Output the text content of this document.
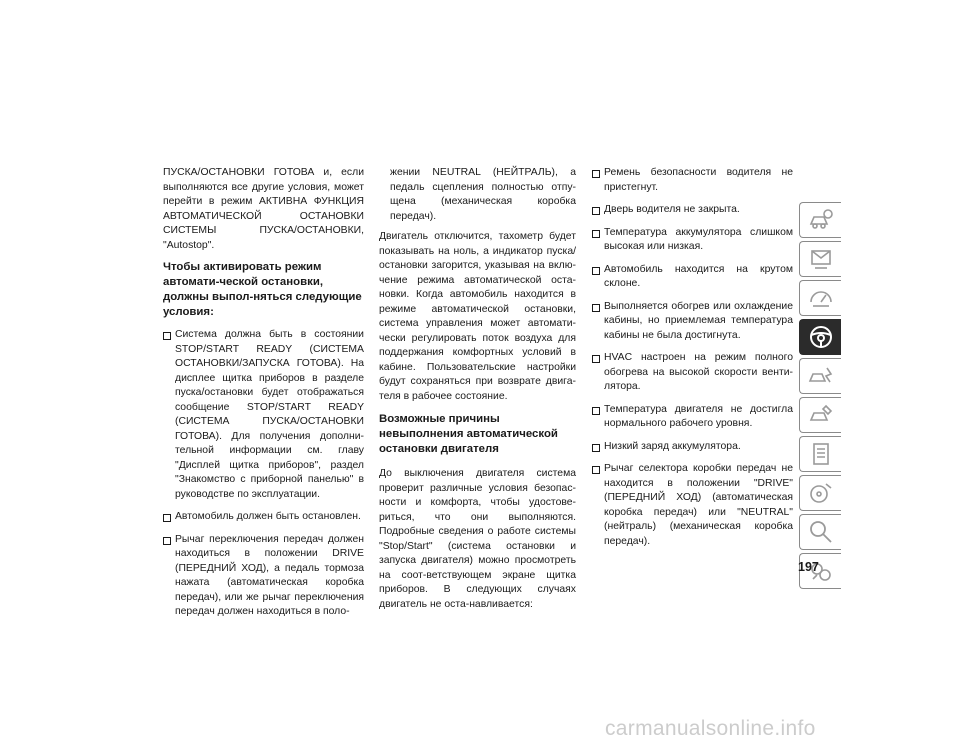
ПУСКА/ОСТАНОВКИ ГОТОВА и, если выполняются все другие условия, может перейти в режим АКТИВНА ФУНКЦИЯ АВТОМАТИЧЕСКОЙ ОСТАНОВКИ СИСТЕМЫ ПУСКА/ОСТАНОВКИ, "Autostop".

Чтобы активировать режим автомати-ческой остановки, должны выпол-няться следующие условия:

Система должна быть в состоянии STOP/START READY (СИСТЕМА ОСТАНОВКИ/ЗАПУСКА ГОТОВА). На дисплее щитка приборов в разделе пуска/остановки будет отображаться сообщение STOP/START READY (СИСТЕМА ПУСКА/ОСТАНОВКИ ГОТОВА). Для получения дополни-тельной информации см. главу "Дисплей щитка приборов", раздел "Знакомство с приборной панелью" в руководстве по эксплуатации.
Автомобиль должен быть остановлен.
Рычаг переключения передач должен находиться в положении DRIVE (ПЕРЕДНИЙ ХОД), а педаль тормоза нажата (автоматическая коробка передач), или же рычаг переключения передач должен находиться в поло-
жении NEUTRAL (НЕЙТРАЛЬ), а педаль сцепления полностью отпу-щена (механическая коробка передач).

Двигатель отключится, тахометр будет показывать на ноль, а индикатор пуска/ остановки загорится, указывая на вклю-чение режима автоматической оста-новки. Когда автомобиль находится в режиме автоматической остановки, система управления может автомати-чески регулировать поток воздуха для поддержания комфортных условий в кабине. Пользовательские настройки будут сохраняться при возврате двига-теля в рабочее состояние.

Возможные причины невыполнения автоматической остановки двигателя

До выключения двигателя система проверит различные условия безопас-ности и комфорта, чтобы удостове-риться, что они выполняются. Подробные сведения о работе системы "Stop/Start" (система остановки и запуска двигателя) можно просмотреть на соот-ветствующем экране щитка приборов. В следующих случаях двигатель не оста-навливается:

Ремень безопасности водителя не пристегнут.
Дверь водителя не закрыта.
Температура аккумулятора слишком высокая или низкая.
Автомобиль находится на крутом склоне.
Выполняется обогрев или охлаждение кабины, но приемлемая температура кабины не была достигнута.
HVAC настроен на режим полного обогрева на высокой скорости венти-лятора.
Температура двигателя не достигла нормального рабочего уровня.
Низкий заряд аккумулятора.
Рычаг селектора коробки передач не находится в положении "DRIVE" (ПЕРЕДНИЙ ХОД) (автоматическая коробка передач) или "NEUTRAL" (нейтраль) (механическая коробка передач).
197
carmanualsonline.info
